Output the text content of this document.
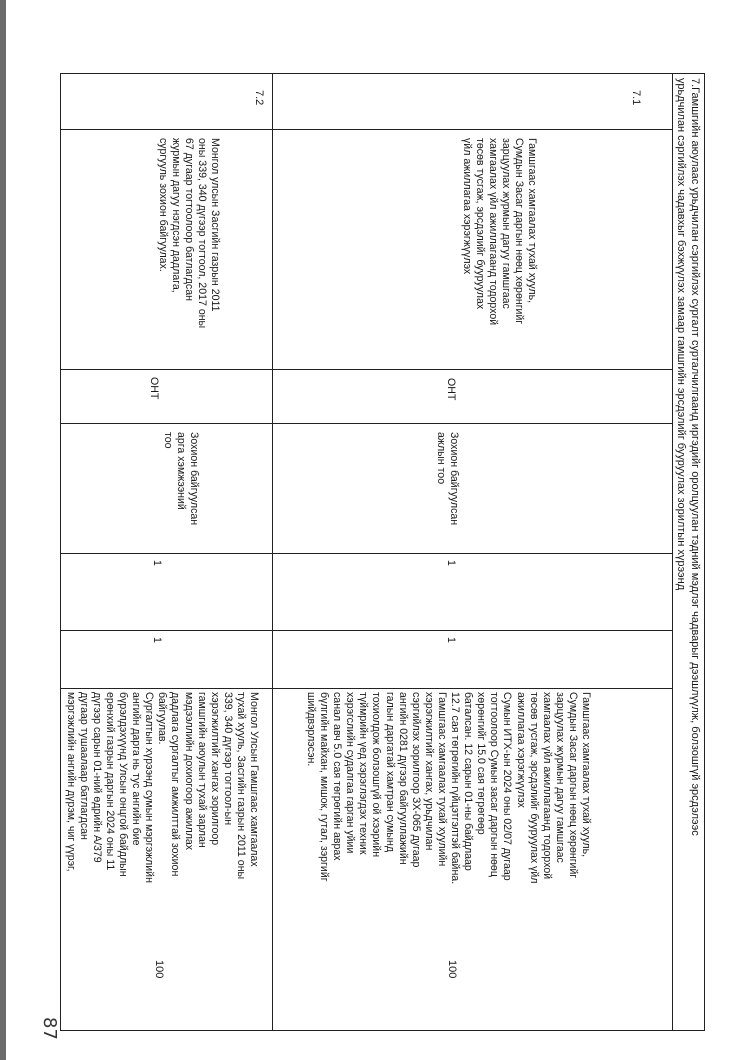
7.Гамшгийн аюулаас урьдчилан сэргийлэх сургалт сурталчилгаанд иргэдийг оролцуулан тэдний мэдлэг чадварыг дээшлүүлж, болзошгүй эрсдэлээс
урьдчилан сэргийлэх чадавхыг бэхжүүлэх замаар гамшгийн эрсдэлийг бууруулах зорилтын хүрээнд
7.1
Гамшгаас хамгаалах тухай хууль,
Сумдын Засаг даргын нөөц хөрөнгийг
зарцуулах журмын дагуу гамшгаас
хамгаалах үйл ажиллагаанд тодорхой
төсөв тусгаж, эрсдэлийг бууруулах
үйл ажиллагаа хэрэгжүүлэх
ОНТ
Зохион байгуулсан
ажлын тоо
1
1
Гамшгаас хамгаалах тухай хууль,
Сумдын Засаг даргын нөөц хөрөнгийг
зарцуулах журмын дагуу гамшгаас
хамгаалах үйл ажиллагаанд тодорхой
төсөв тусгаж, эрсдэлийг бууруулах үйл
ажиллагаа хэрэгжүүлэх
Сумын ИТХ-ын 2024 оны 02/07 дугаар
тогтоолоор Сумын засаг даргын нөөц
хөрөнгийг 15.0 сая төгрөгөөр
баталсан. 12 сарын 01-ны байдлаар
12.7 сая төгрөгийн гүйцэтгэлтэй байна.
Гамшгаас хамгаалах тухай хуулийн
хэрэгжилтийг хангах, урьдчилан
сэргийлэх зорилгоор ЗХ-065 дугаар
ангийн 0281 дүгээр байгууллажийн
галын даргатай хамтран сумынд
тохиолдож болзошгүй ой хээрийн
түймрийн үед хэрэглэгдэх техник
хэрэгслийн судалгаа гарган уйии
санал авч 5.0 сая төгрөгийн аврах
бүлгийн майхан, мишок, гутал, зэргийг
шийдвэрлэсэн.
100
7.2
Монгол улсын Засгийн газрын 2011
оны 339, 340 дүгээр тогтоол, 2017 оны
67 дугаар тогтоолоор батлагдсан
журмын дагуу нэгдсэн дадлага,
сургууль зохион байгуулах.
ОНТ
Зохион байгуулсан
арга хэмжээний
тоо
1
1
Монгол Улсын Гамшгаас хамгаалах
тухай хууль, Засгийн газрын 2011 оны
339, 340 дүгээр тогтоол-ын
хэрэгжилтийг хангах зорилгоор
гамшгийн аюулын тухай зарлан
мэдээллийн дохиогоор ажиллах
дадлага сургалтыг амжилттай зохион
байгуулав.
Сургалтын хүрээнд сумын мэргэжлийн
ангийн дарга нь тус ангийн бие
бүрэлдэхүүнд Улсын онцгой байдлын
ерөнхий газрын даргын 2024 оны 11
дүгээр сарын 01-ний өдрийн А/379
дугаар тушаалаар батлагдсан
мэргэжлийн ангийн дүрэм, чиг үүрэг,
100
87
